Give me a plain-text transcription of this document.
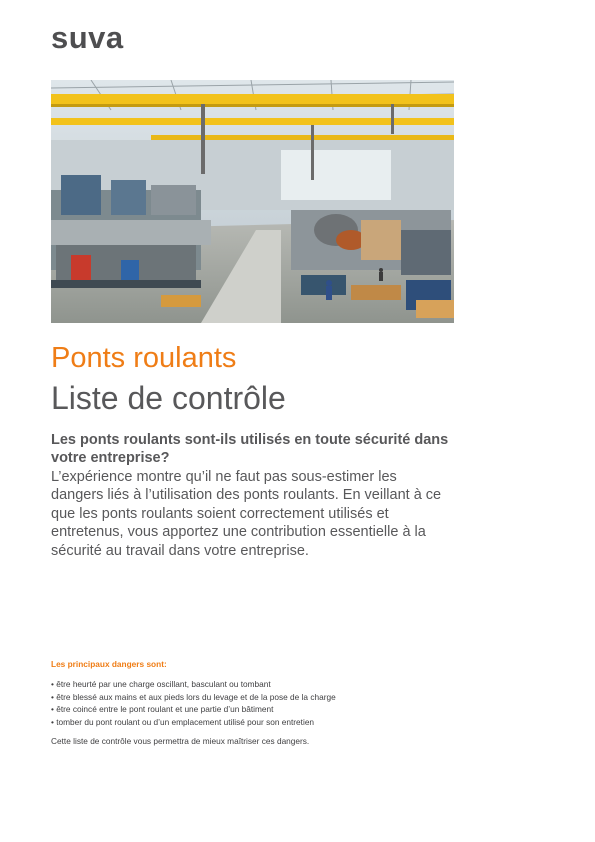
suva
Ponts roulants
Liste de contrôle
Les ponts roulants sont-ils utilisés en toute sécurité dans votre entreprise?
L’expérience montre qu’il ne faut pas sous-estimer les dangers liés à l’utilisation des ponts roulants. En veillant à ce que les ponts roulants soient correctement utilisés et entretenus, vous apportez une contribution essentielle à la sécurité au travail dans votre entreprise.
Les principaux dangers sont:
• être heurté par une charge oscillant, basculant ou tombant
• être blessé aux mains et aux pieds lors du levage et de la pose de la charge
• être coincé entre le pont roulant et une partie d’un bâtiment
• tomber du pont roulant ou d’un emplacement utilisé pour son entretien
Cette liste de contrôle vous permettra de mieux maîtriser ces dangers.
